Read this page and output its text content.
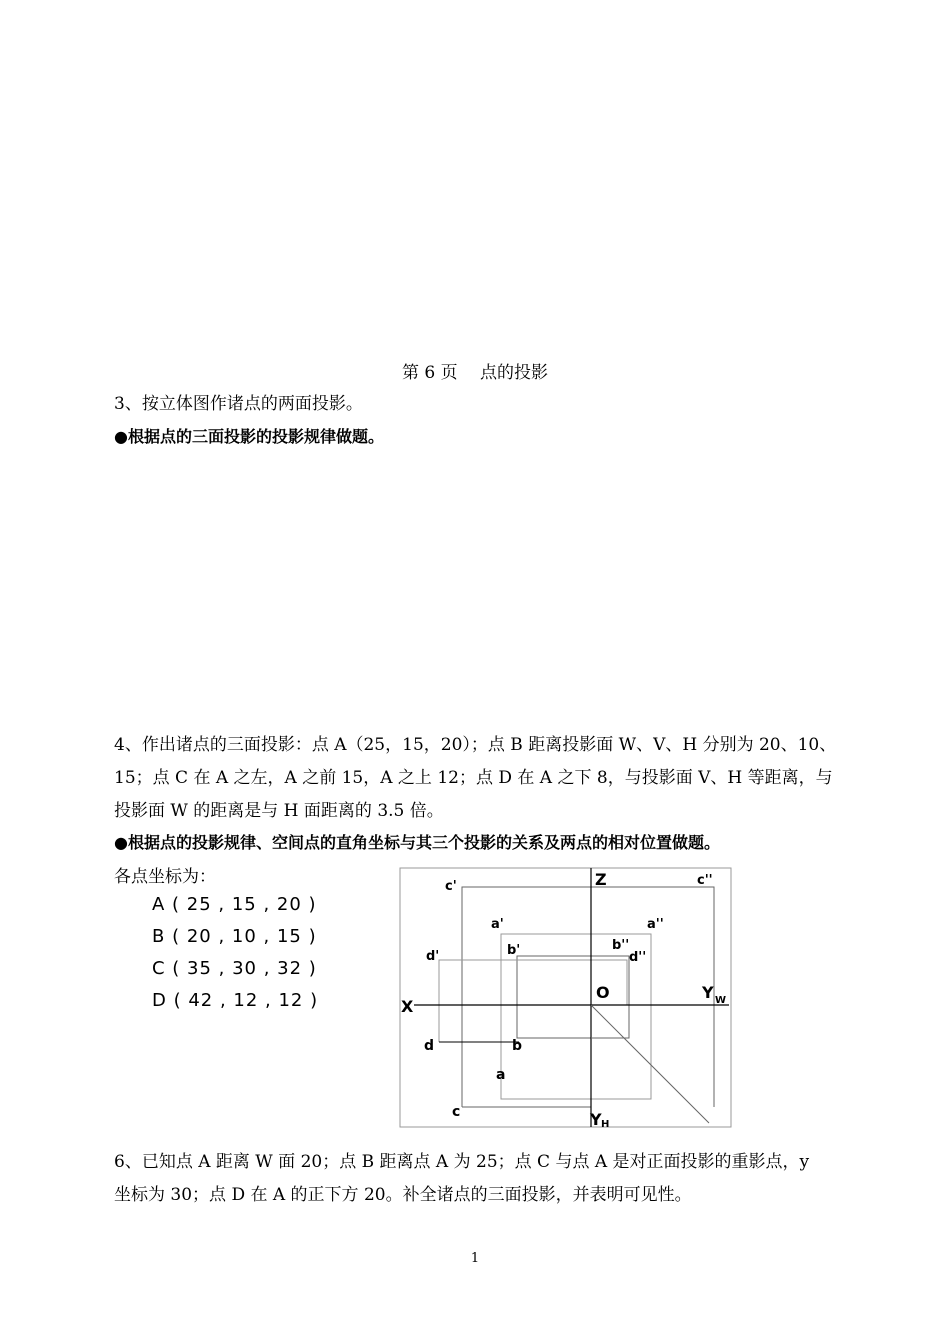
第 6 页　 点的投影
3、按立体图作诸点的两面投影。
●根据点的三面投影的投影规律做题。
4、作出诸点的三面投影：点 A（25，15，20）；点 B 距离投影面 W、V、H 分别为 20、10、
15；点 C 在 A 之左，A 之前 15，A 之上 12；点 D 在 A 之下 8，与投影面 V、H 等距离，与
投影面 W 的距离是与 H 面距离的 3.5 倍。
●根据点的投影规律、空间点的直角坐标与其三个投影的关系及两点的相对位置做题。
各点坐标为：
A ( 25 , 15 , 20 )
B ( 20 , 10 , 15 )
C ( 35 , 30 , 32 )
D ( 42 , 12 , 12 )
c'	Z	c''
a'	a''
b'	b''
d'	d''
X
O	Y W
d	b
a
c	Y H
6、已知点 A 距离 W 面 20；点 B 距离点 A 为 25；点 C 与点 A 是对正面投影的重影点，y
坐标为 30；点 D 在 A 的正下方 20。补全诸点的三面投影，并表明可见性。
1
